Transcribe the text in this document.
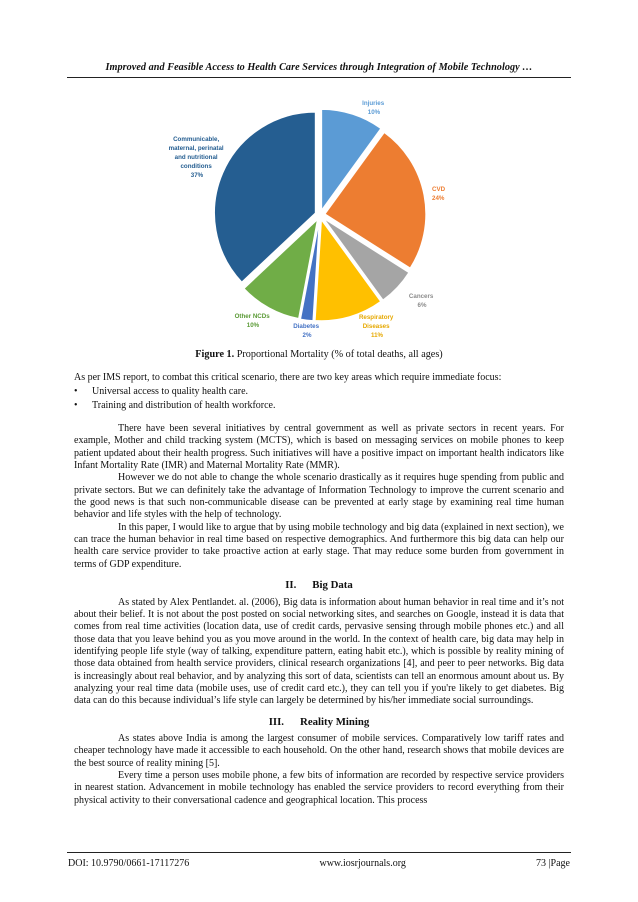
Improved and Feasible Access to Health Care Services through Integration of Mobile Technology …
Injuries 10%
CVD 24%
Cancers 6%
Respiratory Diseases 11%
Diabetes 2%
Other NCDs 10%
Communicable, maternal, perinatal and nutritional conditions 37%
Figure 1. Proportional Mortality (% of total deaths, all ages)

As per IMS report, to combat this critical scenario, there are two key areas which require immediate focus:

• Universal access to quality health care.
• Training and distribution of health workforce.

There have been several initiatives by central government as well as private sectors in recent years. For example, Mother and child tracking system (MCTS), which is based on messaging services on mobile phones to keep patient updated about their health progress. Such initiatives will have a positive impact on important health indicators like Infant Mortality Rate (IMR) and Maternal Mortality Rate (MMR).

However we do not able to change the whole scenario drastically as it requires huge spending from public and private sectors. But we can definitely take the advantage of Information Technology to improve the current scenario and the good news is that such non-communicable disease can be prevented at early stage by examining real time human behavior and life styles with the help of technology.

In this paper, I would like to argue that by using mobile technology and big data (explained in next section), we can trace the human behavior in real time based on respective demographics. And furthermore this big data can help our health care service provider to take proactive action at early stage. That may reduce some burden from government in terms of GDP expenditure.

II. Big Data

As stated by Alex Pentlandet. al. (2006), Big data is information about human behavior in real time and it’s not about their belief. It is not about the post posted on social networking sites, and searches on Google, instead it is data that comes from real time activities (location data, use of credit cards, pervasive sensing through mobile phones etc.) and all those data that you leave behind you as you move around in the world. In the context of health care, big data may help in identifying people life style (way of talking, expenditure pattern, eating habit etc.), which is possible by reality mining of those data obtained from health service providers, clinical research organizations [4], and peer to peer networks. Big data is increasingly about real behavior, and by analyzing this sort of data, scientists can tell an enormous amount about us. By analyzing your real time data (mobile uses, use of credit card etc.), they can tell you if you're likely to get diabetes. Big data can do this because individual’s life style can largely be determined by his/her immediate social surroundings.

III. Reality Mining

As states above India is among the largest consumer of mobile services. Comparatively low tariff rates and cheaper technology have made it accessible to each household. On the other hand, research shows that mobile devices are the best source of reality mining [5].

Every time a person uses mobile phone, a few bits of information are recorded by respective service providers in nearest station. Advancement in mobile technology has enabled the service providers to record everything from their physical activity to their conversational cadence and geographical location. This process

DOI: 10.9790/0661-17117276	www.iosrjournals.org	73 |Page
